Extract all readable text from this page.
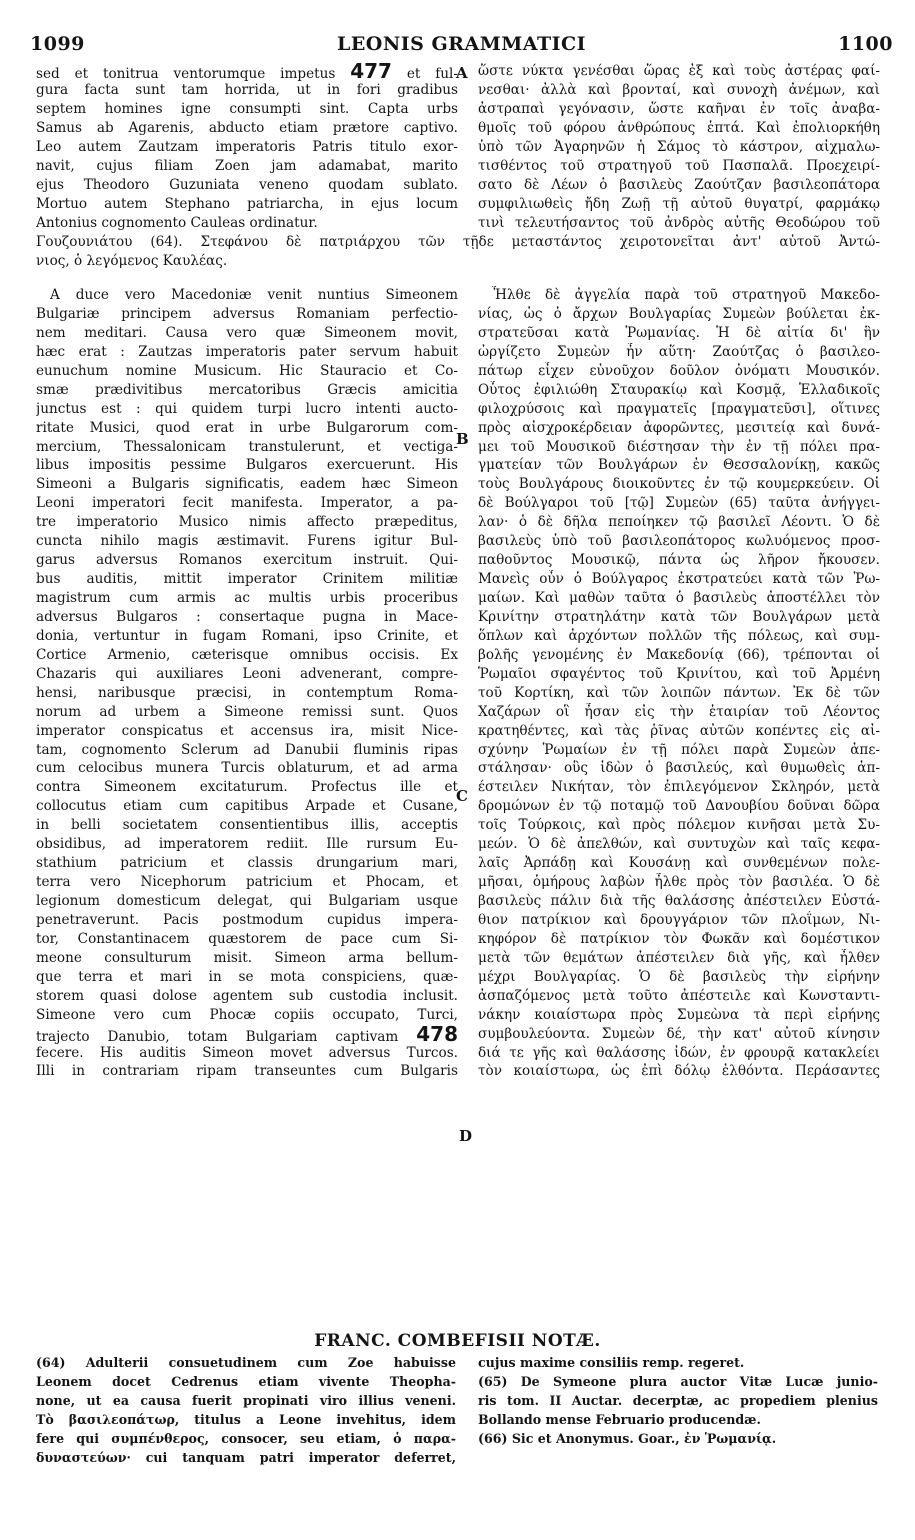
LEONIS GRAMMATICI
1099	1100
sed et tonitrua ventorumque impetus 477 et ful-
gura facta sunt tam horrida, ut in fori gradibus
septem homines igne consumpti sint. Capta urbs
Samus ab Agarenis, abducto etiam prætore captivo.
Leo autem Zautzam imperatoris Patris titulo exor-
navit, cujus filiam Zoen jam adamabat, marito
ejus Theodoro Guzuniata veneno quodam sublato.
Mortuo autem Stephano patriarcha, in ejus locum
Antonius cognomento Cauleas ordinatur.
ὥστε νύκτα γενέσθαι ὥρας ἐξ καὶ τοὺς ἀστέρας φαί-
νεσθαι· ἀλλὰ καὶ βρονταί, καὶ συνοχὴ ἀνέμων, καὶ
ἀστραπαὶ γεγόνασιν, ὥστε καῆναι ἐν τοῖς ἀναβα-
θμοῖς τοῦ φόρου ἀνθρώπους ἑπτά. Καὶ ἐπολιορκήθη
ὑπὸ τῶν Ἀγαρηνῶν ἡ Σάμος τὸ κάστρον, αἰχμαλω-
τισθέντος τοῦ στρατηγοῦ τοῦ Πασπαλᾶ. Προεχειρί-
σατο δὲ Λέων ὁ βασιλεὺς Ζαούτζαν βασιλεοπάτορα
συμφιλιωθεὶς ἤδη Ζωῇ τῇ αὐτοῦ θυγατρί, φαρμάκῳ
τινὶ τελευτήσαντος τοῦ ἀνδρὸς αὐτῆς Θεοδώρου τοῦ
Γουζουνιάτου (64). Στεφάνου δὲ πατριάρχου τῶν τῇδε μεταστάντος χειροτονεῖται ἀντ' αὐτοῦ Ἀντώ-
νιος, ὁ λεγόμενος Καυλέας.
A duce vero Macedoniæ venit nuntius Simeonem
Bulgariæ principem adversus Romaniam perfectio-
nem meditari. Causa vero quæ Simeonem movit,
hæc erat : Zautzas imperatoris pater servum habuit
eunuchum nomine Musicum. Hic Stauracio et Co-
smæ prædivitibus mercatoribus Græcis amicitia
junctus est : qui quidem turpi lucro intenti aucto-
ritate Musici, quod erat in urbe Bulgarorum com-
mercium, Thessalonicam transtulerunt, et vectiga-
libus impositis pessime Bulgaros exercuerunt. His
Simeoni a Bulgaris significatis, eadem hæc Simeon
Leoni imperatori fecit manifesta. Imperator, a pa-
tre imperatorio Musico nimis affecto præpeditus,
cuncta nihilo magis æstimavit. Furens igitur Bul-
garus adversus Romanos exercitum instruit. Qui-
bus auditis, mittit imperator Crinitem militiæ
magistrum cum armis ac multis urbis proceribus
adversus Bulgaros : consertaque pugna in Mace-
donia, vertuntur in fugam Romani, ipso Crinite, et
Cortice Armenio, cæterisque omnibus occisis. Ex
Chazaris qui auxiliares Leoni advenerant, compre-
hensi, naribusque præcisi, in contemptum Roma-
norum ad urbem a Simeone remissi sunt. Quos
imperator conspicatus et accensus ira, misit Nice-
tam, cognomento Sclerum ad Danubii fluminis ripas
cum celocibus munera Turcis oblaturum, et ad arma
contra Simeonem excitaturum. Profectus ille et
collocutus etiam cum capitibus Arpade et Cusane,
in belli societatem consentientibus illis, acceptis
obsidibus, ad imperatorem rediit. Ille rursum Eu-
stathium patricium et classis drungarium mari,
terra vero Nicephorum patricium et Phocam, et
legionum domesticum delegat, qui Bulgariam usque
penetraverunt. Pacis postmodum cupidus impera-
tor, Constantinacem quæstorem de pace cum Si-
meone consulturum misit. Simeon arma bellum-
que terra et mari in se mota conspiciens, quæ-
storem quasi dolose agentem sub custodia inclusit.
Simeone vero cum Phocæ copiis occupato, Turci,
trajecto Danubio, totam Bulgariam captivam 478
fecere. His auditis Simeon movet adversus Turcos.
Illi in contrariam ripam transeuntes cum Bulgaris
Ἦλθε δὲ ἀγγελία παρὰ τοῦ στρατηγοῦ Μακεδο-
νίας, ὡς ὁ ἄρχων Βουλγαρίας Συμεὼν βούλεται ἐκ-
στρατεῦσαι κατὰ Ῥωμανίας. Ἡ δὲ αἰτία δι' ἣν
ὠργίζετο Συμεὼν ἦν αὕτη· Ζαούτζας ὁ βασιλεο-
πάτωρ εἶχεν εὐνοῦχον δοῦλον ὀνόματι Μουσικόν.
Οὗτος ἐφιλιώθη Σταυρακίῳ καὶ Κοσμᾷ, Ἑλλαδικοῖς
φιλοχρύσοις καὶ πραγματεῖς [πραγματεῦσι], οἵτινες
πρὸς αἰσχροκέρδειαν ἀφορῶντες, μεσιτείᾳ καὶ δυνά-
μει τοῦ Μουσικοῦ διέστησαν τὴν ἐν τῇ πόλει πρα-
γματείαν τῶν Βουλγάρων ἐν Θεσσαλονίκῃ, κακῶς
τοὺς Βουλγάρους διοικοῦντες ἐν τῷ κουμερκεύειν. Οἱ
δὲ Βούλγαροι τοῦ [τῷ] Συμεὼν (65) ταῦτα ἀνήγγει-
λαν· ὁ δὲ δῆλα πεποίηκεν τῷ βασιλεῖ Λέοντι. Ὁ δὲ
βασιλεὺς ὑπὸ τοῦ βασιλεοπάτορος κωλυόμενος προσ-
παθοῦντος Μουσικῷ, πάντα ὡς λῆρον ἤκουσεν.
Μανεὶς οὖν ὁ Βούλγαρος ἐκστρατεύει κατὰ τῶν Ῥω-
μαίων. Καὶ μαθὼν ταῦτα ὁ βασιλεὺς ἀποστέλλει τὸν
Κρινίτην στρατηλάτην κατὰ τῶν Βουλγάρων μετὰ
ὅπλων καὶ ἀρχόντων πολλῶν τῆς πόλεως, καὶ συμ-
βολῆς γενομένης ἐν Μακεδονίᾳ (66), τρέπονται οἱ
Ῥωμαῖοι σφαγέντος τοῦ Κρινίτου, καὶ τοῦ Ἀρμένη
τοῦ Κορτίκη, καὶ τῶν λοιπῶν πάντων. Ἐκ δὲ τῶν
Χαζάρων οἳ ἦσαν εἰς τὴν ἑταιρίαν τοῦ Λέοντος
κρατηθέντες, καὶ τὰς ῥῖνας αὐτῶν κοπέντες εἰς αἰ-
σχύνην Ῥωμαίων ἐν τῇ πόλει παρὰ Συμεὼν ἀπε-
στάλησαν· οὓς ἰδὼν ὁ βασιλεύς, καὶ θυμωθεὶς ἀπ-
έστειλεν Νικήταν, τὸν ἐπιλεγόμενον Σκληρόν, μετὰ
δρομώνων ἐν τῷ ποταμῷ τοῦ Δανουβίου δοῦναι δῶρα
τοῖς Τούρκοις, καὶ πρὸς πόλεμον κινῆσαι μετὰ Συ-
μεών. Ὁ δὲ ἀπελθών, καὶ συντυχὼν καὶ ταῖς κεφα-
λαῖς Ἀρπάδῃ καὶ Κουσάνῃ καὶ συνθεμένων πολε-
μῆσαι, ὁμήρους λαβὼν ἦλθε πρὸς τὸν βασιλέα. Ὁ δὲ
βασιλεὺς πάλιν διὰ τῆς θαλάσσης ἀπέστειλεν Εὐστά-
θιον πατρίκιον καὶ δρουγγάριον τῶν πλοΐμων, Νι-
κηφόρον δὲ πατρίκιον τὸν Φωκᾶν καὶ δομέστικον
μετὰ τῶν θεμάτων ἀπέστειλεν διὰ γῆς, καὶ ἦλθεν
μέχρι Βουλγαρίας. Ὁ δὲ βασιλεὺς τὴν εἰρήνην
ἀσπαζόμενος μετὰ τοῦτο ἀπέστειλε καὶ Κωνσταντι-
νάκην κοιαίστωρα πρὸς Συμεὼνα τὰ περὶ εἰρήνης
συμβουλεύοντα. Συμεὼν δέ, τὴν κατ' αὐτοῦ κίνησιν
διά τε γῆς καὶ θαλάσσης ἰδών, ἐν φρουρᾷ κατακλείει
τὸν κοιαίστωρα, ὡς ἐπὶ δόλῳ ἐλθόντα. Περάσαντες
A
B
C
D
FRANC. COMBEFISII NOTÆ.
(64) Adulterii consuetudinem cum Zoe habuisse
Leonem docet Cedrenus etiam vivente Theopha-
none, ut ea causa fuerit propinati viro illius veneni.
Τὸ βασιλεοπάτωρ, titulus a Leone invehitus, idem
fere qui συμπένθερος, consocer, seu etiam, ὁ παρα-
δυναστεύων· cui tanquam patri imperator deferret,
cujus maxime consiliis remp. regeret.
(65) De Symeone plura auctor Vitæ Lucæ junio-
ris tom. II Auctar. decerptæ, ac propediem plenius
Bollando mense Februario producendæ.
(66) Sic et Anonymus. Goar., ἐν Ῥωμανίᾳ.
